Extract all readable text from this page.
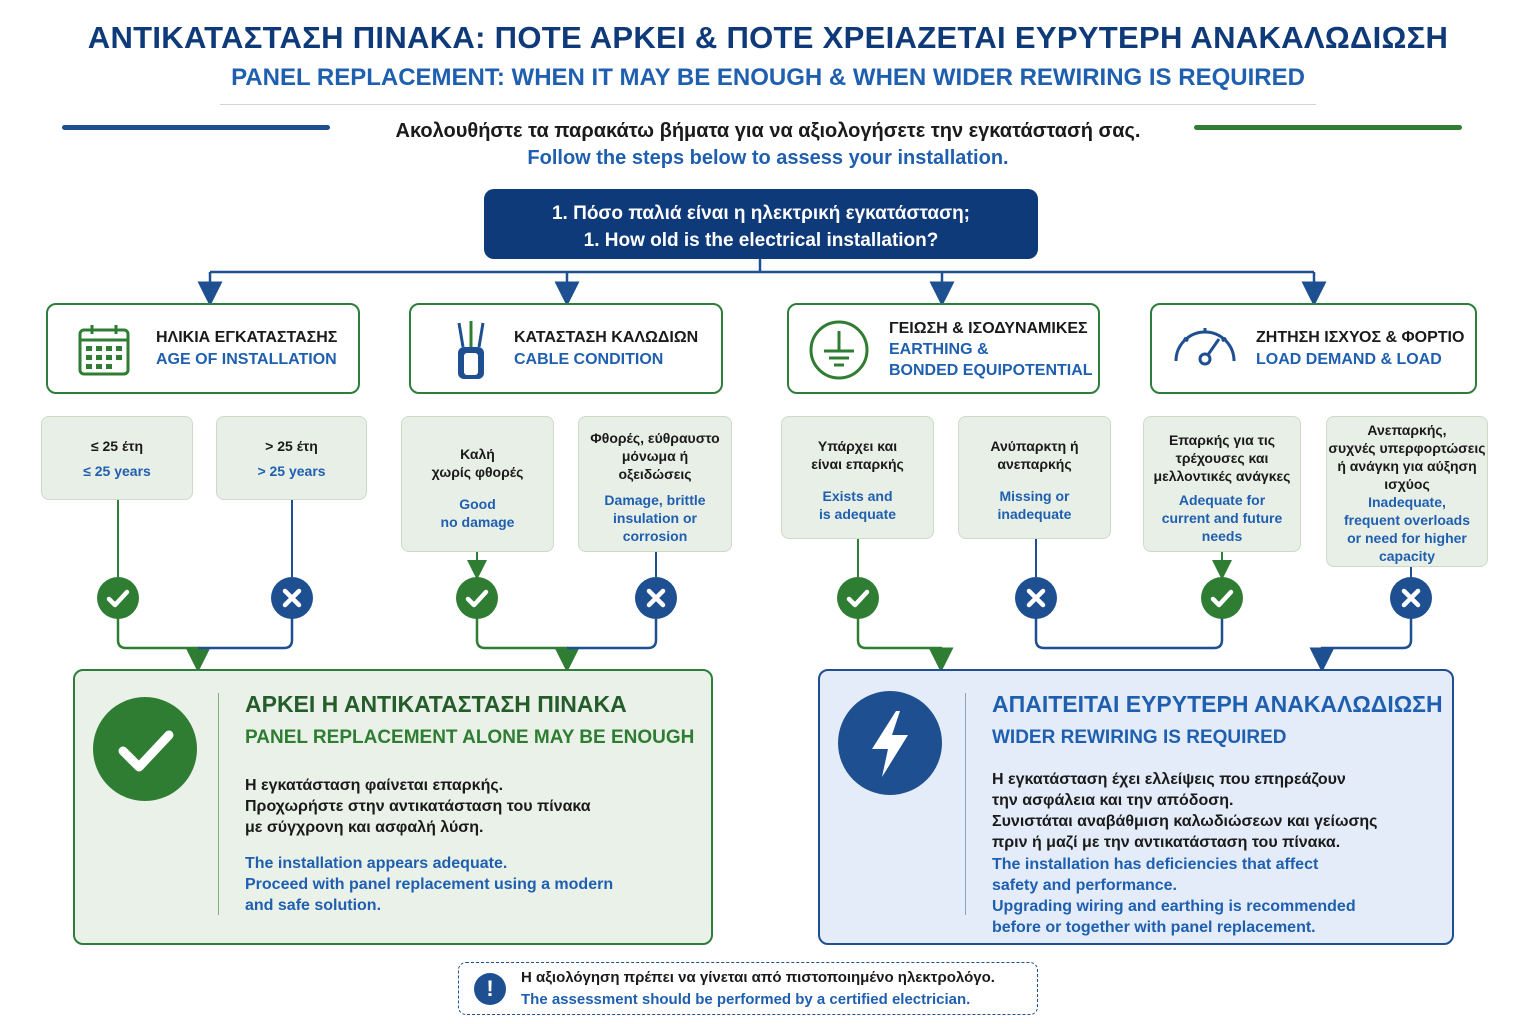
ΑΝΤΙΚΑΤΑΣΤΑΣΗ ΠΙΝΑΚΑ: ΠΟΤΕ ΑΡΚΕΙ & ΠΟΤΕ ΧΡΕΙΑΖΕΤΑΙ ΕΥΡΥΤΕΡΗ ΑΝΑΚΑΛΩΔΙΩΣΗ
PANEL REPLACEMENT: WHEN IT MAY BE ENOUGH & WHEN WIDER REWIRING IS REQUIRED
Ακολουθήστε τα παρακάτω βήματα για να αξιολογήσετε την εγκατάστασή σας.
Follow the steps below to assess your installation.
1. Πόσο παλιά είναι η ηλεκτρική εγκατάσταση;
1. How old is the electrical installation?
ΗΛΙΚΙΑ ΕΓΚΑΤΑΣΤΑΣΗΣ
AGE OF INSTALLATION
ΚΑΤΑΣΤΑΣΗ ΚΑΛΩΔΙΩΝ
CABLE CONDITION
ΓΕΙΩΣΗ & ΙΣΟΔΥΝΑΜΙΚΕΣ
EARTHING &
BONDED EQUIPOTENTIAL
ΖΗΤΗΣΗ ΙΣΧΥΟΣ & ΦΟΡΤΙΟ
LOAD DEMAND & LOAD
≤ 25 έτη
≤ 25 years
> 25 έτη
> 25 years
Καλή
χωρίς φθορές
Good
no damage
Φθορές, εύθραυστο
μόνωμα ή
οξειδώσεις
Damage, brittle
insulation or
corrosion
Υπάρχει και
είναι επαρκής
Exists and
is adequate
Ανύπαρκτη ή
ανεπαρκής
Missing or
inadequate
Επαρκής για τις
τρέχουσες και
μελλοντικές ανάγκες
Adequate for
current and future
needs
Ανεπαρκής,
συχνές υπερφορτώσεις
ή ανάγκη για αύξηση
ισχύος
Inadequate,
frequent overloads
or need for higher
capacity
ΑΡΚΕΙ Η ΑΝΤΙΚΑΤΑΣΤΑΣΗ ΠΙΝΑΚΑ
PANEL REPLACEMENT ALONE MAY BE ENOUGH
Η εγκατάσταση φαίνεται επαρκής.
Προχωρήστε στην αντικατάσταση του πίνακα
με σύγχρονη και ασφαλή λύση.
The installation appears adequate.
Proceed with panel replacement using a modern
and safe solution.
ΑΠΑΙΤΕΙΤΑΙ ΕΥΡΥΤΕΡΗ ΑΝΑΚΑΛΩΔΙΩΣΗ
WIDER REWIRING IS REQUIRED
Η εγκατάσταση έχει ελλείψεις που επηρεάζουν
την ασφάλεια και την απόδοση.
Συνιστάται αναβάθμιση καλωδιώσεων και γείωσης
πριν ή μαζί με την αντικατάσταση του πίνακα.
The installation has deficiencies that affect
safety and performance.
Upgrading wiring and earthing is recommended
before or together with panel replacement.
!	Η αξιολόγηση πρέπει να γίνεται από πιστοποιημένο ηλεκτρολόγο.
The assessment should be performed by a certified electrician.
